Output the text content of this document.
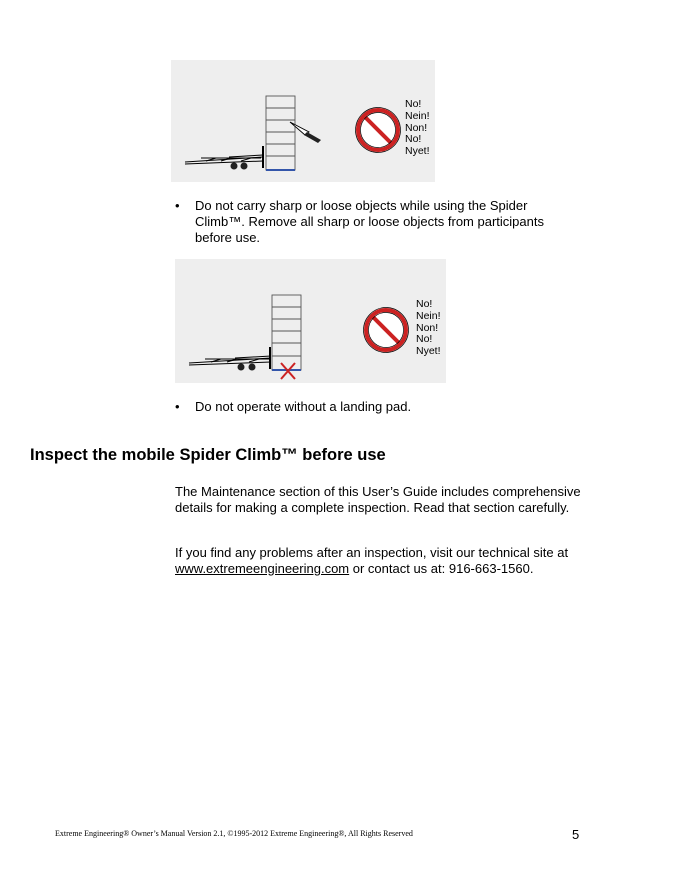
No!
Nein!
Non!
No!
Nyet!
• Do not carry sharp or loose objects while using the Spider Climb™. Remove all sharp or loose objects from participants before use.
No!
Nein!
Non!
No!
Nyet!
• Do not operate without a landing pad.
Inspect the mobile Spider Climb™ before use

The Maintenance section of this User’s Guide includes comprehensive details for making a complete inspection. Read that section carefully.

If you find any problems after an inspection, visit our technical site at www.extremeengineering.com or contact us at: 916-663-1560.

Extreme Engineering® Owner’s Manual Version 2.1, ©1995-2012 Extreme Engineering®, All Rights Reserved	5
